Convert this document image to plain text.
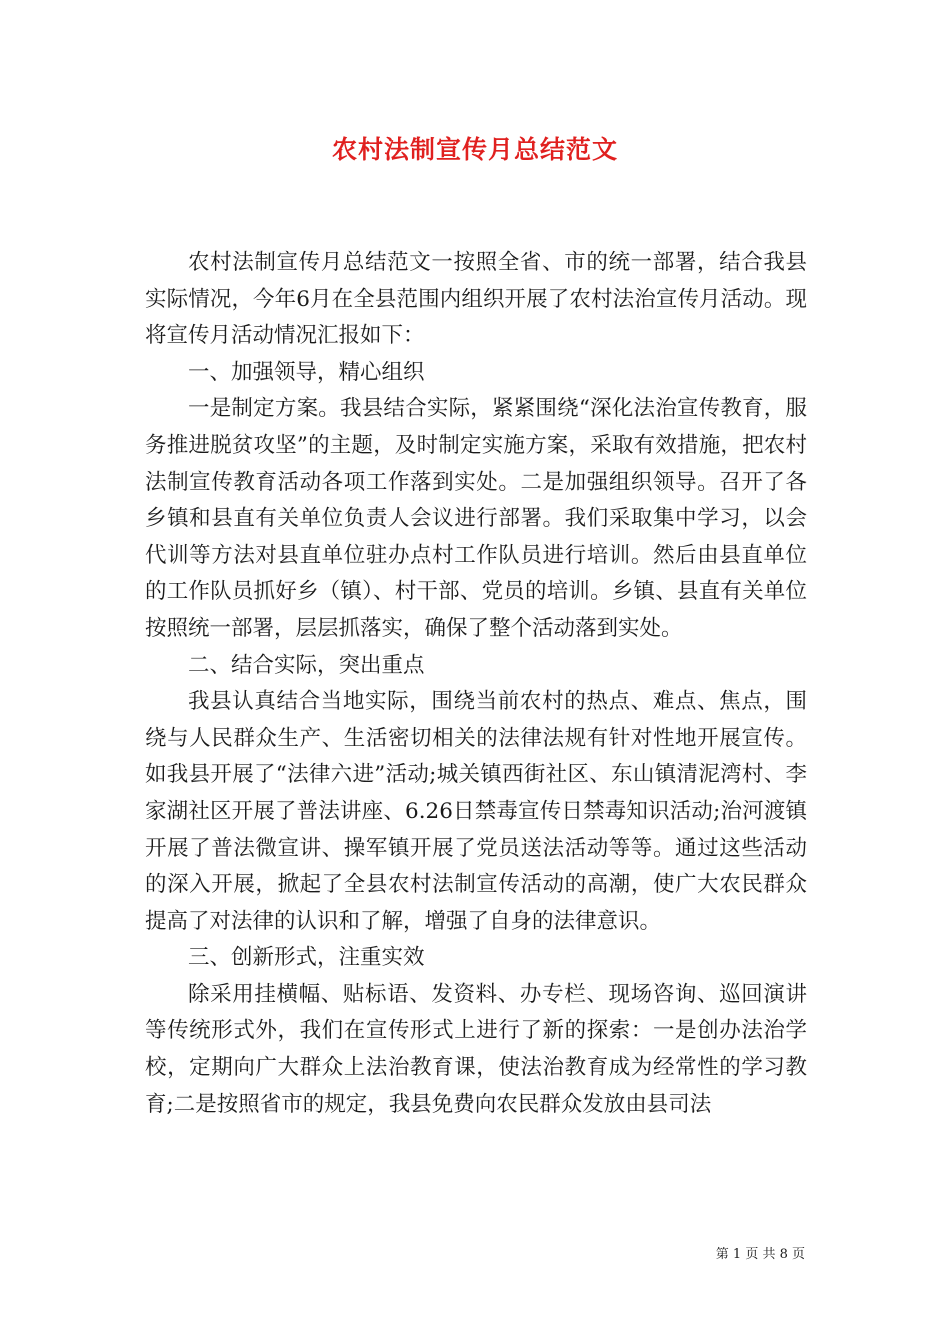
农村法制宣传月总结范文

农村法制宣传月总结范文一按照全省、市的统一部署，结合我县实际情况，今年6月在全县范围内组织开展了农村法治宣传月活动。现将宣传月活动情况汇报如下：

一、加强领导，精心组织

一是制定方案。我县结合实际，紧紧围绕“深化法治宣传教育，服务推进脱贫攻坚”的主题，及时制定实施方案，采取有效措施，把农村法制宣传教育活动各项工作落到实处。二是加强组织领导。召开了各乡镇和县直有关单位负责人会议进行部署。我们采取集中学习，以会代训等方法对县直单位驻办点村工作队员进行培训。然后由县直单位的工作队员抓好乡（镇）、村干部、党员的培训。乡镇、县直有关单位按照统一部署，层层抓落实，确保了整个活动落到实处。

二、结合实际，突出重点

我县认真结合当地实际，围绕当前农村的热点、难点、焦点，围绕与人民群众生产、生活密切相关的法律法规有针对性地开展宣传。如我县开展了“法律六进”活动;城关镇西街社区、东山镇清泥湾村、李家湖社区开展了普法讲座、6.26日禁毒宣传日禁毒知识活动;治河渡镇开展了普法微宣讲、操军镇开展了党员送法活动等等。通过这些活动的深入开展，掀起了全县农村法制宣传活动的高潮，使广大农民群众提高了对法律的认识和了解，增强了自身的法律意识。

三、创新形式，注重实效

除采用挂横幅、贴标语、发资料、办专栏、现场咨询、巡回演讲等传统形式外，我们在宣传形式上进行了新的探索：一是创办法治学校，定期向广大群众上法治教育课，使法治教育成为经常性的学习教育;二是按照省市的规定，我县免费向农民群众发放由县司法

第 1 页 共 8 页
